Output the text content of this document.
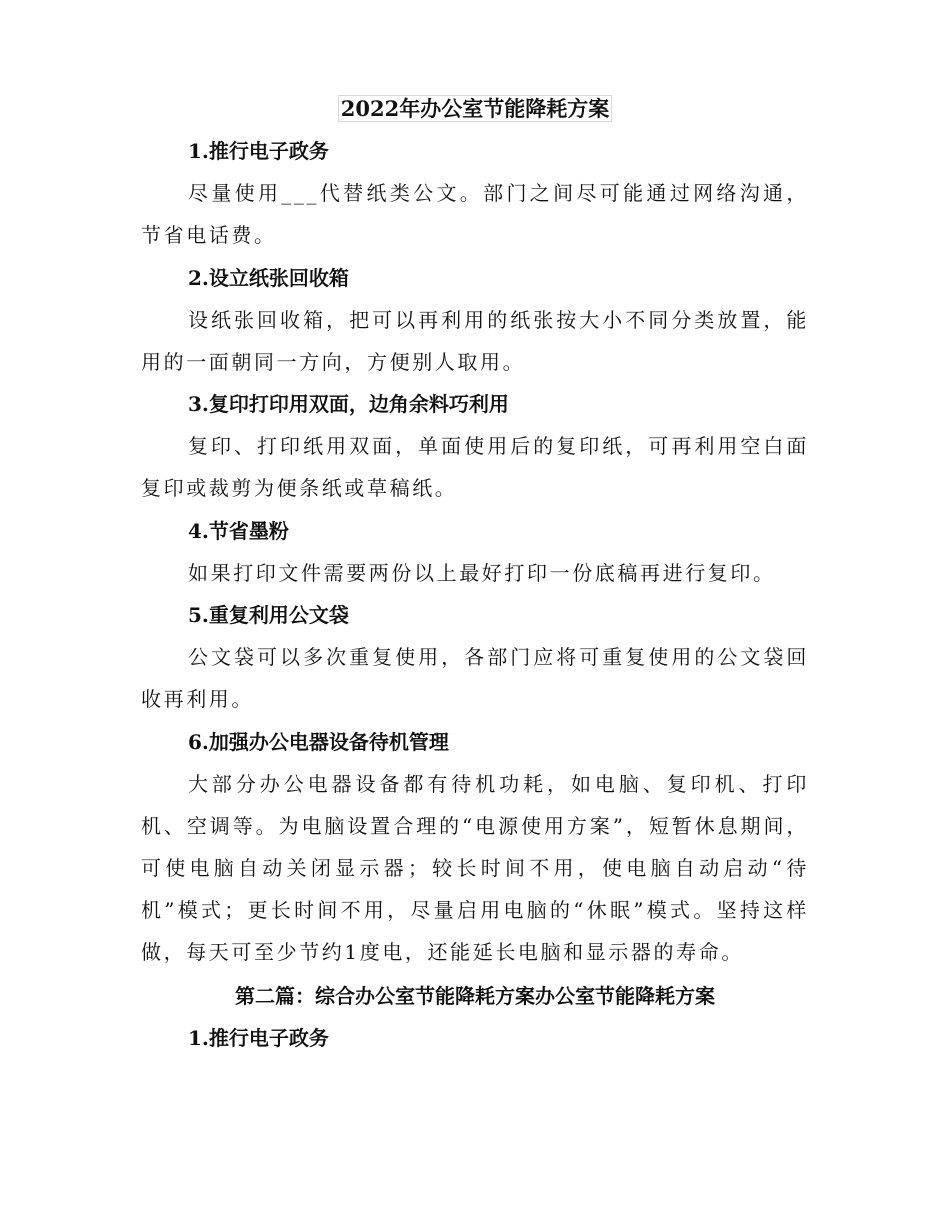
2022年办公室节能降耗方案
1.推行电子政务
尽量使用___代替纸类公文。部门之间尽可能通过网络沟通，节省电话费。
2.设立纸张回收箱
设纸张回收箱，把可以再利用的纸张按大小不同分类放置，能用的一面朝同一方向，方便别人取用。
3.复印打印用双面，边角余料巧利用
复印、打印纸用双面，单面使用后的复印纸，可再利用空白面复印或裁剪为便条纸或草稿纸。
4.节省墨粉
如果打印文件需要两份以上最好打印一份底稿再进行复印。
5.重复利用公文袋
公文袋可以多次重复使用，各部门应将可重复使用的公文袋回收再利用。
6.加强办公电器设备待机管理
大部分办公电器设备都有待机功耗，如电脑、复印机、打印机、空调等。为电脑设置合理的“电源使用方案”，短暂休息期间，可使电脑自动关闭显示器；较长时间不用，使电脑自动启动“待机”模式；更长时间不用，尽量启用电脑的“休眠”模式。坚持这样做，每天可至少节约1度电，还能延长电脑和显示器的寿命。
第二篇：综合办公室节能降耗方案办公室节能降耗方案
1.推行电子政务
